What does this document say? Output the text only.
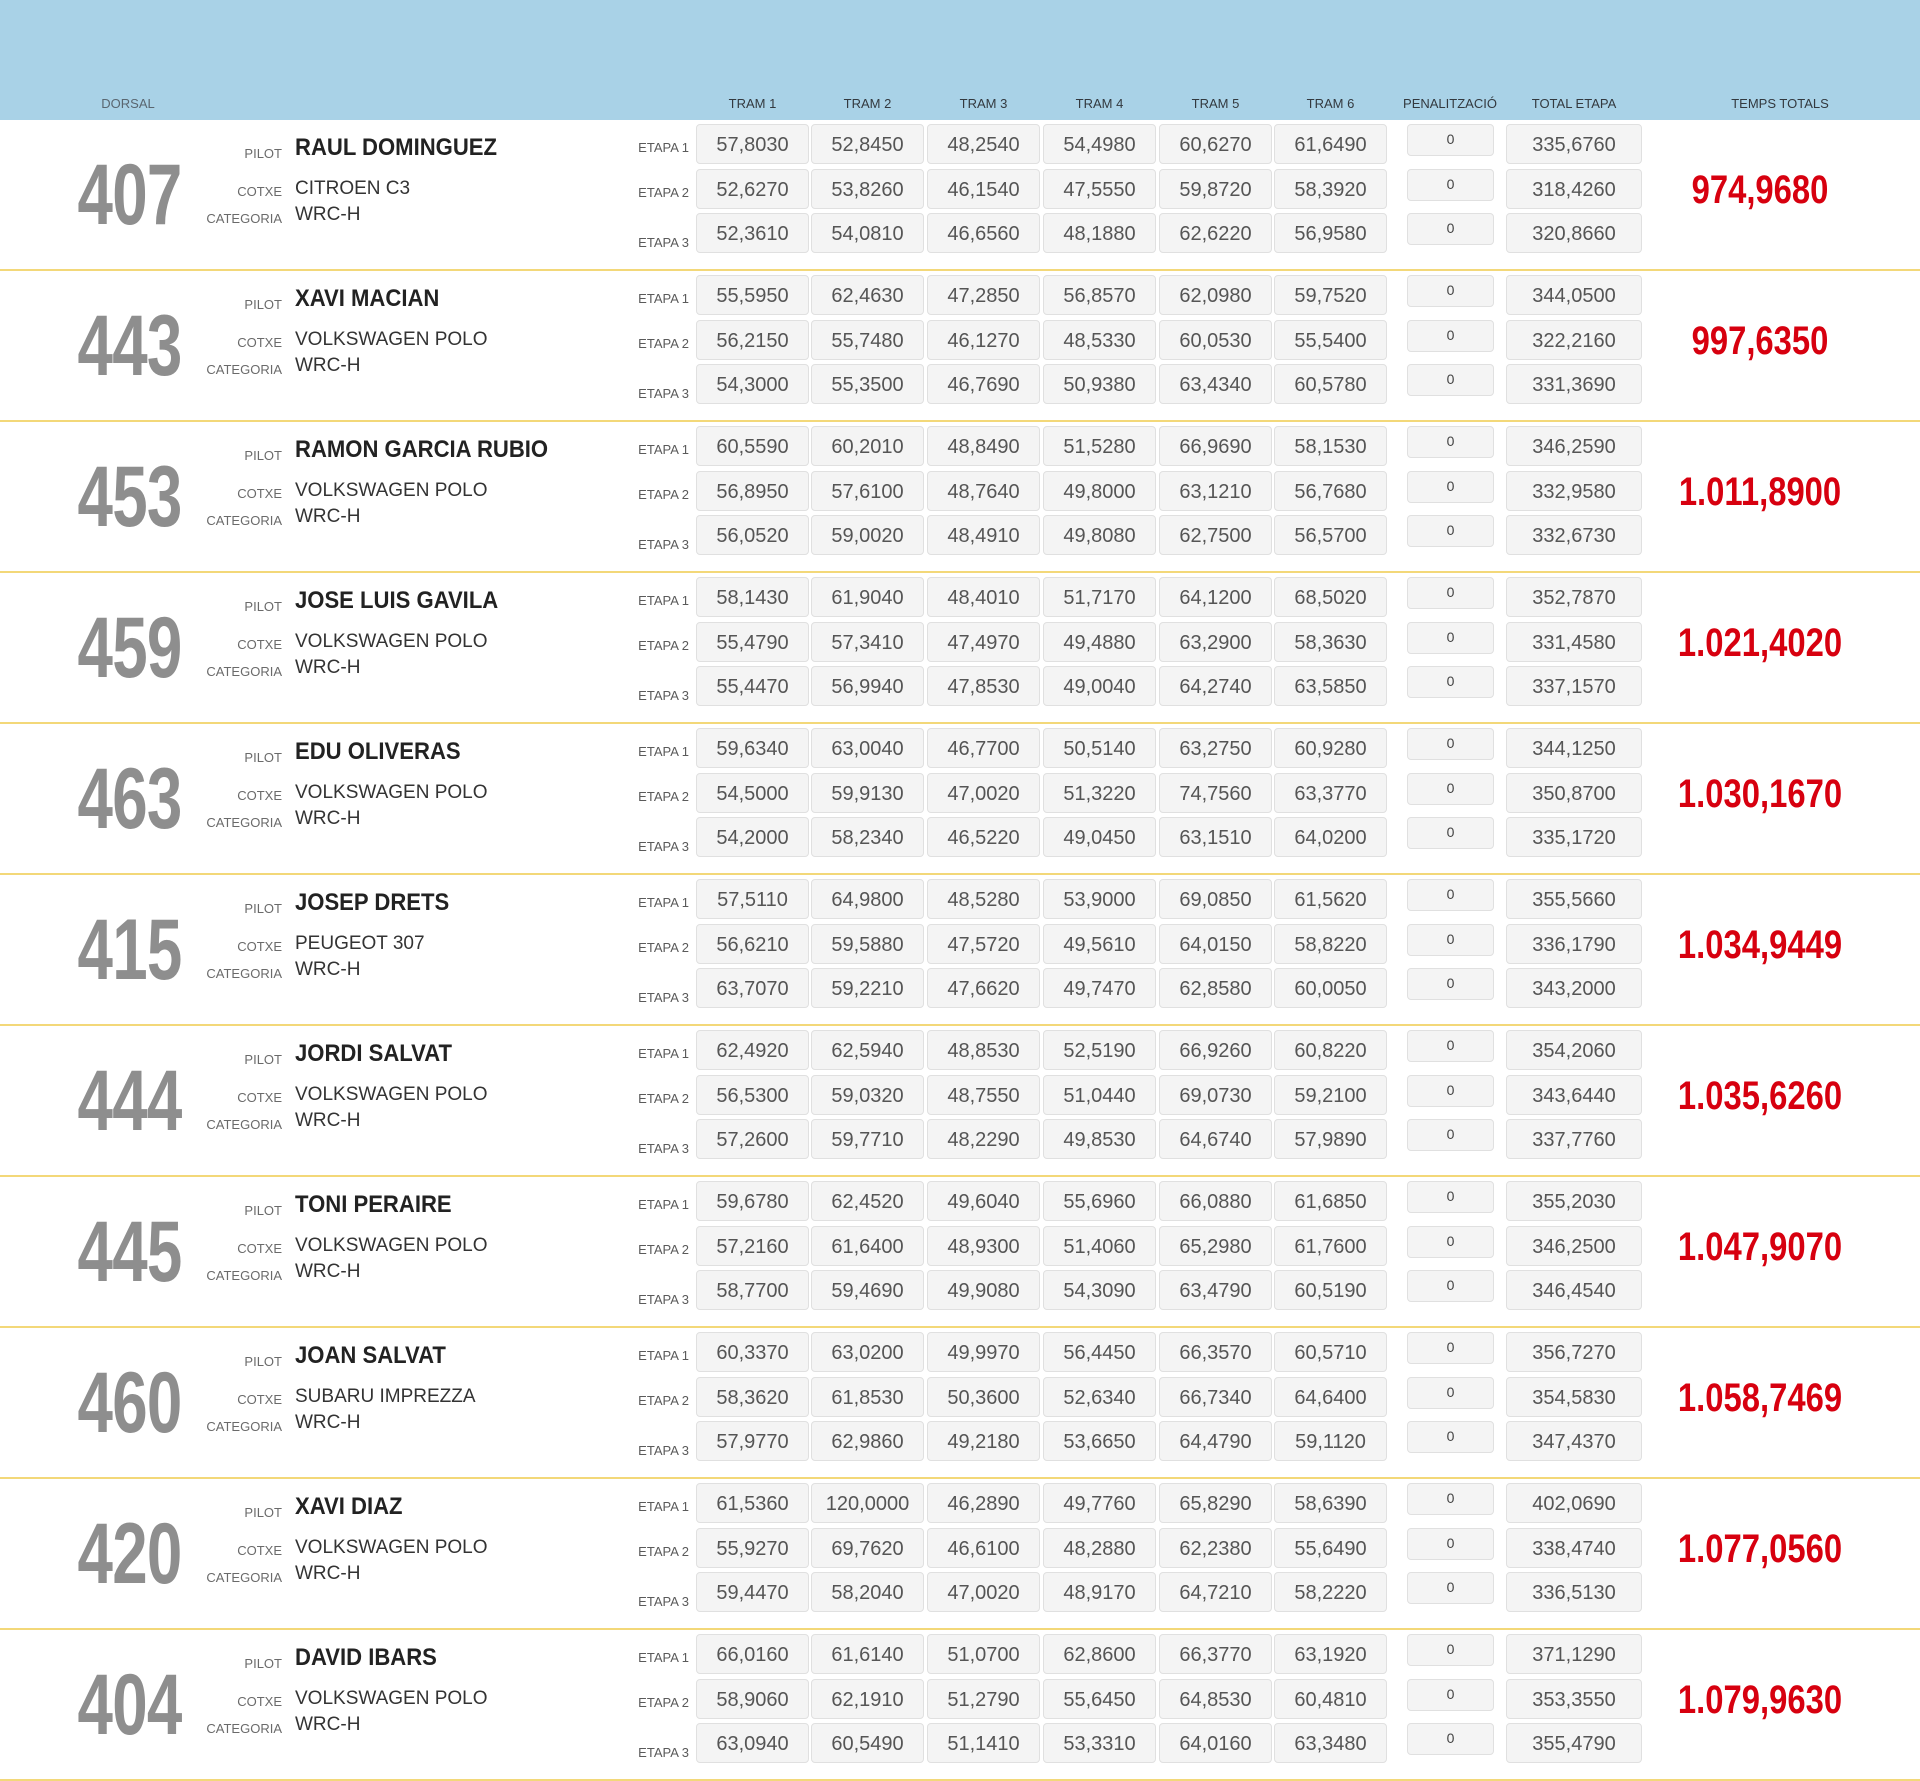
DORSAL	TRAM 1	TRAM 2	TRAM 3	TRAM 4	TRAM 5	TRAM 6	PENALITZACIÓ	TOTAL ETAPA	TEMPS TOTALS
407	PILOT RAUL DOMINGUEZ
COTXE CITROEN C3
CATEGORIA WRC-H
ETAPA 1	57,8030	52,8450	48,2540	54,4980	60,6270	61,6490	0	335,6760
ETAPA 2	52,6270	53,8260	46,1540	47,5550	59,8720	58,3920	0	318,4260
ETAPA 3	52,3610	54,0810	46,6560	48,1880	62,6220	56,9580	0	320,8660
974,9680
443	PILOT XAVI MACIAN
COTXE VOLKSWAGEN POLO
CATEGORIA WRC-H
ETAPA 1	55,5950	62,4630	47,2850	56,8570	62,0980	59,7520	0	344,0500
ETAPA 2	56,2150	55,7480	46,1270	48,5330	60,0530	55,5400	0	322,2160
ETAPA 3	54,3000	55,3500	46,7690	50,9380	63,4340	60,5780	0	331,3690
997,6350
453	PILOT RAMON GARCIA RUBIO
COTXE VOLKSWAGEN POLO
CATEGORIA WRC-H
ETAPA 1	60,5590	60,2010	48,8490	51,5280	66,9690	58,1530	0	346,2590
ETAPA 2	56,8950	57,6100	48,7640	49,8000	63,1210	56,7680	0	332,9580
ETAPA 3	56,0520	59,0020	48,4910	49,8080	62,7500	56,5700	0	332,6730
1.011,8900
459	PILOT JOSE LUIS GAVILA
COTXE VOLKSWAGEN POLO
CATEGORIA WRC-H
ETAPA 1	58,1430	61,9040	48,4010	51,7170	64,1200	68,5020	0	352,7870
ETAPA 2	55,4790	57,3410	47,4970	49,4880	63,2900	58,3630	0	331,4580
ETAPA 3	55,4470	56,9940	47,8530	49,0040	64,2740	63,5850	0	337,1570
1.021,4020
463	PILOT EDU OLIVERAS
COTXE VOLKSWAGEN POLO
CATEGORIA WRC-H
ETAPA 1	59,6340	63,0040	46,7700	50,5140	63,2750	60,9280	0	344,1250
ETAPA 2	54,5000	59,9130	47,0020	51,3220	74,7560	63,3770	0	350,8700
ETAPA 3	54,2000	58,2340	46,5220	49,0450	63,1510	64,0200	0	335,1720
1.030,1670
415	PILOT JOSEP DRETS
COTXE PEUGEOT 307
CATEGORIA WRC-H
ETAPA 1	57,5110	64,9800	48,5280	53,9000	69,0850	61,5620	0	355,5660
ETAPA 2	56,6210	59,5880	47,5720	49,5610	64,0150	58,8220	0	336,1790
ETAPA 3	63,7070	59,2210	47,6620	49,7470	62,8580	60,0050	0	343,2000
1.034,9449
444	PILOT JORDI SALVAT
COTXE VOLKSWAGEN POLO
CATEGORIA WRC-H
ETAPA 1	62,4920	62,5940	48,8530	52,5190	66,9260	60,8220	0	354,2060
ETAPA 2	56,5300	59,0320	48,7550	51,0440	69,0730	59,2100	0	343,6440
ETAPA 3	57,2600	59,7710	48,2290	49,8530	64,6740	57,9890	0	337,7760
1.035,6260
445	PILOT TONI PERAIRE
COTXE VOLKSWAGEN POLO
CATEGORIA WRC-H
ETAPA 1	59,6780	62,4520	49,6040	55,6960	66,0880	61,6850	0	355,2030
ETAPA 2	57,2160	61,6400	48,9300	51,4060	65,2980	61,7600	0	346,2500
ETAPA 3	58,7700	59,4690	49,9080	54,3090	63,4790	60,5190	0	346,4540
1.047,9070
460	PILOT JOAN SALVAT
COTXE SUBARU IMPREZZA
CATEGORIA WRC-H
ETAPA 1	60,3370	63,0200	49,9970	56,4450	66,3570	60,5710	0	356,7270
ETAPA 2	58,3620	61,8530	50,3600	52,6340	66,7340	64,6400	0	354,5830
ETAPA 3	57,9770	62,9860	49,2180	53,6650	64,4790	59,1120	0	347,4370
1.058,7469
420	PILOT XAVI DIAZ
COTXE VOLKSWAGEN POLO
CATEGORIA WRC-H
ETAPA 1	61,5360	120,0000	46,2890	49,7760	65,8290	58,6390	0	402,0690
ETAPA 2	55,9270	69,7620	46,6100	48,2880	62,2380	55,6490	0	338,4740
ETAPA 3	59,4470	58,2040	47,0020	48,9170	64,7210	58,2220	0	336,5130
1.077,0560
404	PILOT DAVID IBARS
COTXE VOLKSWAGEN POLO
CATEGORIA WRC-H
ETAPA 1	66,0160	61,6140	51,0700	62,8600	66,3770	63,1920	0	371,1290
ETAPA 2	58,9060	62,1910	51,2790	55,6450	64,8530	60,4810	0	353,3550
ETAPA 3	63,0940	60,5490	51,1410	53,3310	64,0160	63,3480	0	355,4790
1.079,9630
